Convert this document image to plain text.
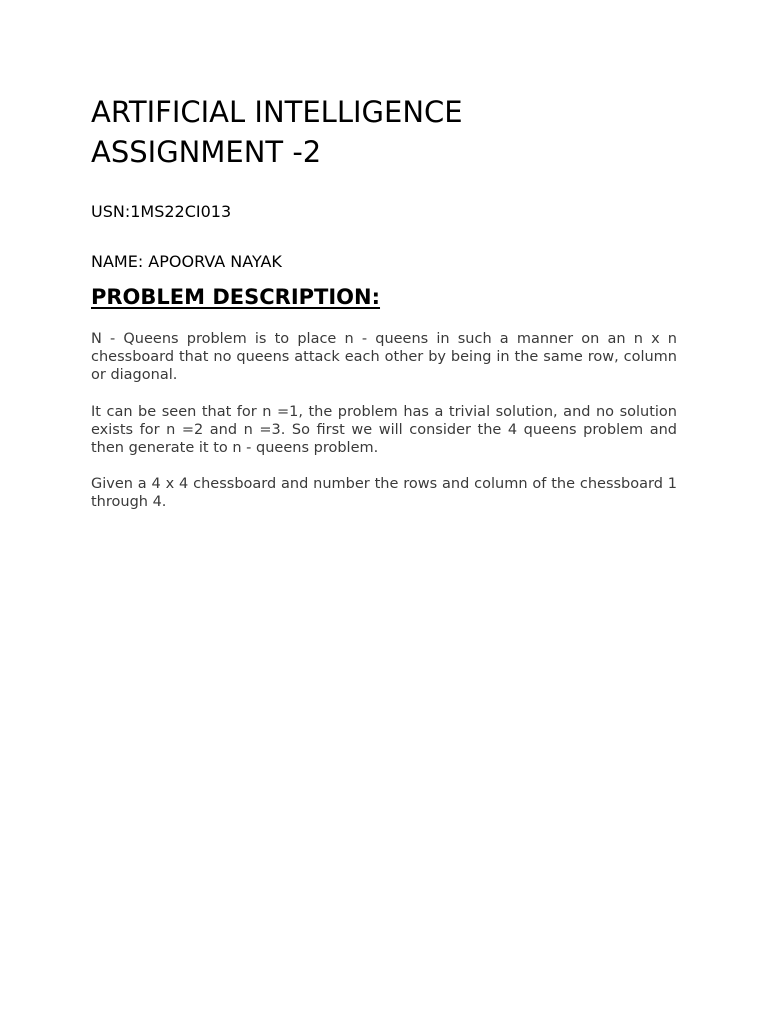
ARTIFICIAL INTELLIGENCE
ASSIGNMENT -2

USN:1MS22CI013

NAME: APOORVA NAYAK

PROBLEM DESCRIPTION:

N - Queens problem is to place n - queens in such a manner on an n x n chessboard that no queens attack each other by being in the same row, column or diagonal.

It can be seen that for n =1, the problem has a trivial solution, and no solution exists for n =2 and n =3. So first we will consider the 4 queens problem and then generate it to n - queens problem.

Given a 4 x 4 chessboard and number the rows and column of the chessboard 1 through 4.
